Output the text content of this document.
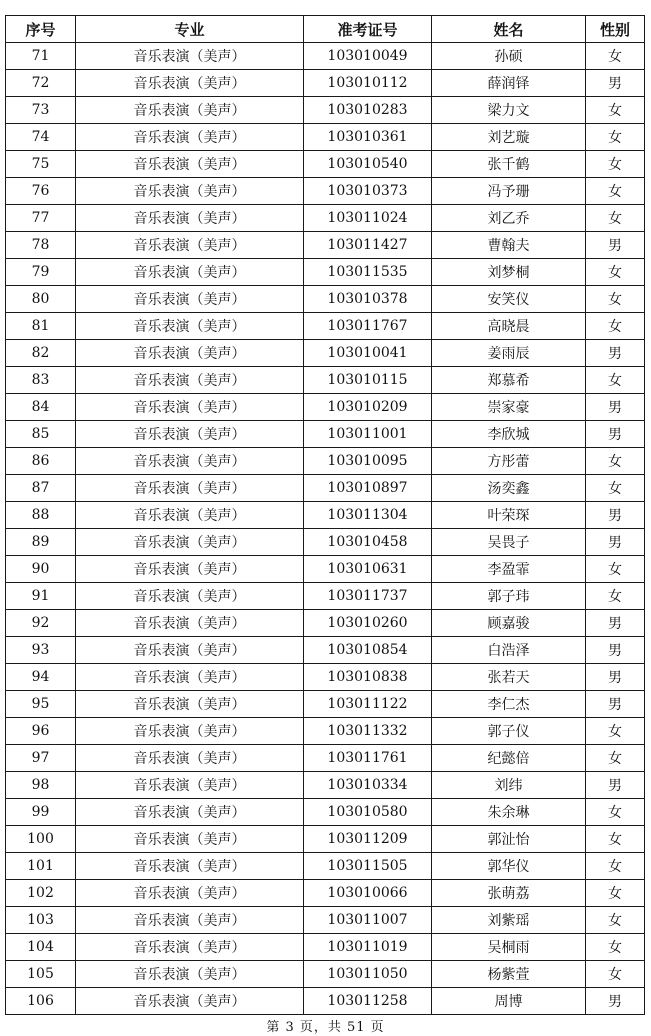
序号	专业	准考证号	姓名	性别
71	音乐表演（美声）	103010049	孙硕	女
72	音乐表演（美声）	103010112	薛润铎	男
73	音乐表演（美声）	103010283	梁力文	女
74	音乐表演（美声）	103010361	刘艺璇	女
75	音乐表演（美声）	103010540	张千鹤	女
76	音乐表演（美声）	103010373	冯予珊	女
77	音乐表演（美声）	103011024	刘乙乔	女
78	音乐表演（美声）	103011427	曹翰夫	男
79	音乐表演（美声）	103011535	刘梦桐	女
80	音乐表演（美声）	103010378	安笑仪	女
81	音乐表演（美声）	103011767	高晓晨	女
82	音乐表演（美声）	103010041	姜雨辰	男
83	音乐表演（美声）	103010115	郑慕希	女
84	音乐表演（美声）	103010209	崇家豪	男
85	音乐表演（美声）	103011001	李欣城	男
86	音乐表演（美声）	103010095	方彤蕾	女
87	音乐表演（美声）	103010897	汤奕鑫	女
88	音乐表演（美声）	103011304	叶荣琛	男
89	音乐表演（美声）	103010458	吴畏子	男
90	音乐表演（美声）	103010631	李盈霏	女
91	音乐表演（美声）	103011737	郭子玮	女
92	音乐表演（美声）	103010260	顾嘉骏	男
93	音乐表演（美声）	103010854	白浩泽	男
94	音乐表演（美声）	103010838	张若天	男
95	音乐表演（美声）	103011122	李仁杰	男
96	音乐表演（美声）	103011332	郭子仪	女
97	音乐表演（美声）	103011761	纪懿倍	女
98	音乐表演（美声）	103010334	刘纬	男
99	音乐表演（美声）	103010580	朱余琳	女
100	音乐表演（美声）	103011209	郭沚怡	女
101	音乐表演（美声）	103011505	郭华仪	女
102	音乐表演（美声）	103010066	张萌荔	女
103	音乐表演（美声）	103011007	刘紫瑶	女
104	音乐表演（美声）	103011019	吴桐雨	女
105	音乐表演（美声）	103011050	杨紫萱	女
106	音乐表演（美声）	103011258	周博	男
第 3 页，共 51 页
